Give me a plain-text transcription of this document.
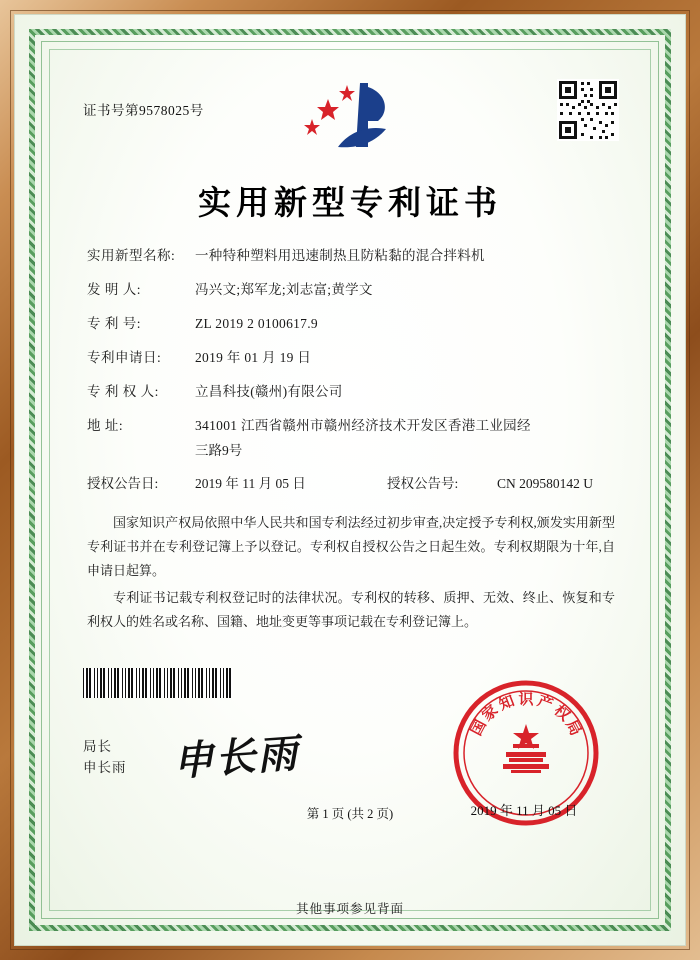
证书号第9578025号
实用新型专利证书
实用新型名称:	一种特种塑料用迅速制热且防粘黏的混合拌料机
发 明 人:	冯兴文;郑军龙;刘志富;黄学文
专 利 号:	ZL 2019 2 0100617.9
专利申请日:	2019 年 01 月 19 日
专 利 权 人:	立昌科技(赣州)有限公司
地 址:	341001 江西省赣州市赣州经济技术开发区香港工业园经
三路9号
授权公告日:	2019 年 11 月 05 日	授权公告号:	CN 209580142 U

国家知识产权局依照中华人民共和国专利法经过初步审查,决定授予专利权,颁发实用新型专利证书并在专利登记簿上予以登记。专利权自授权公告之日起生效。专利权期限为十年,自申请日起算。

专利证书记载专利权登记时的法律状况。专利权的转移、质押、无效、终止、恢复和专利权人的姓名或名称、国籍、地址变更等事项记载在专利登记簿上。

局长
申长雨 申长雨
国
家
知 识 产
权
局
2019 年 11 月 05 日
第 1 页 (共 2 页)
其他事项参见背面
